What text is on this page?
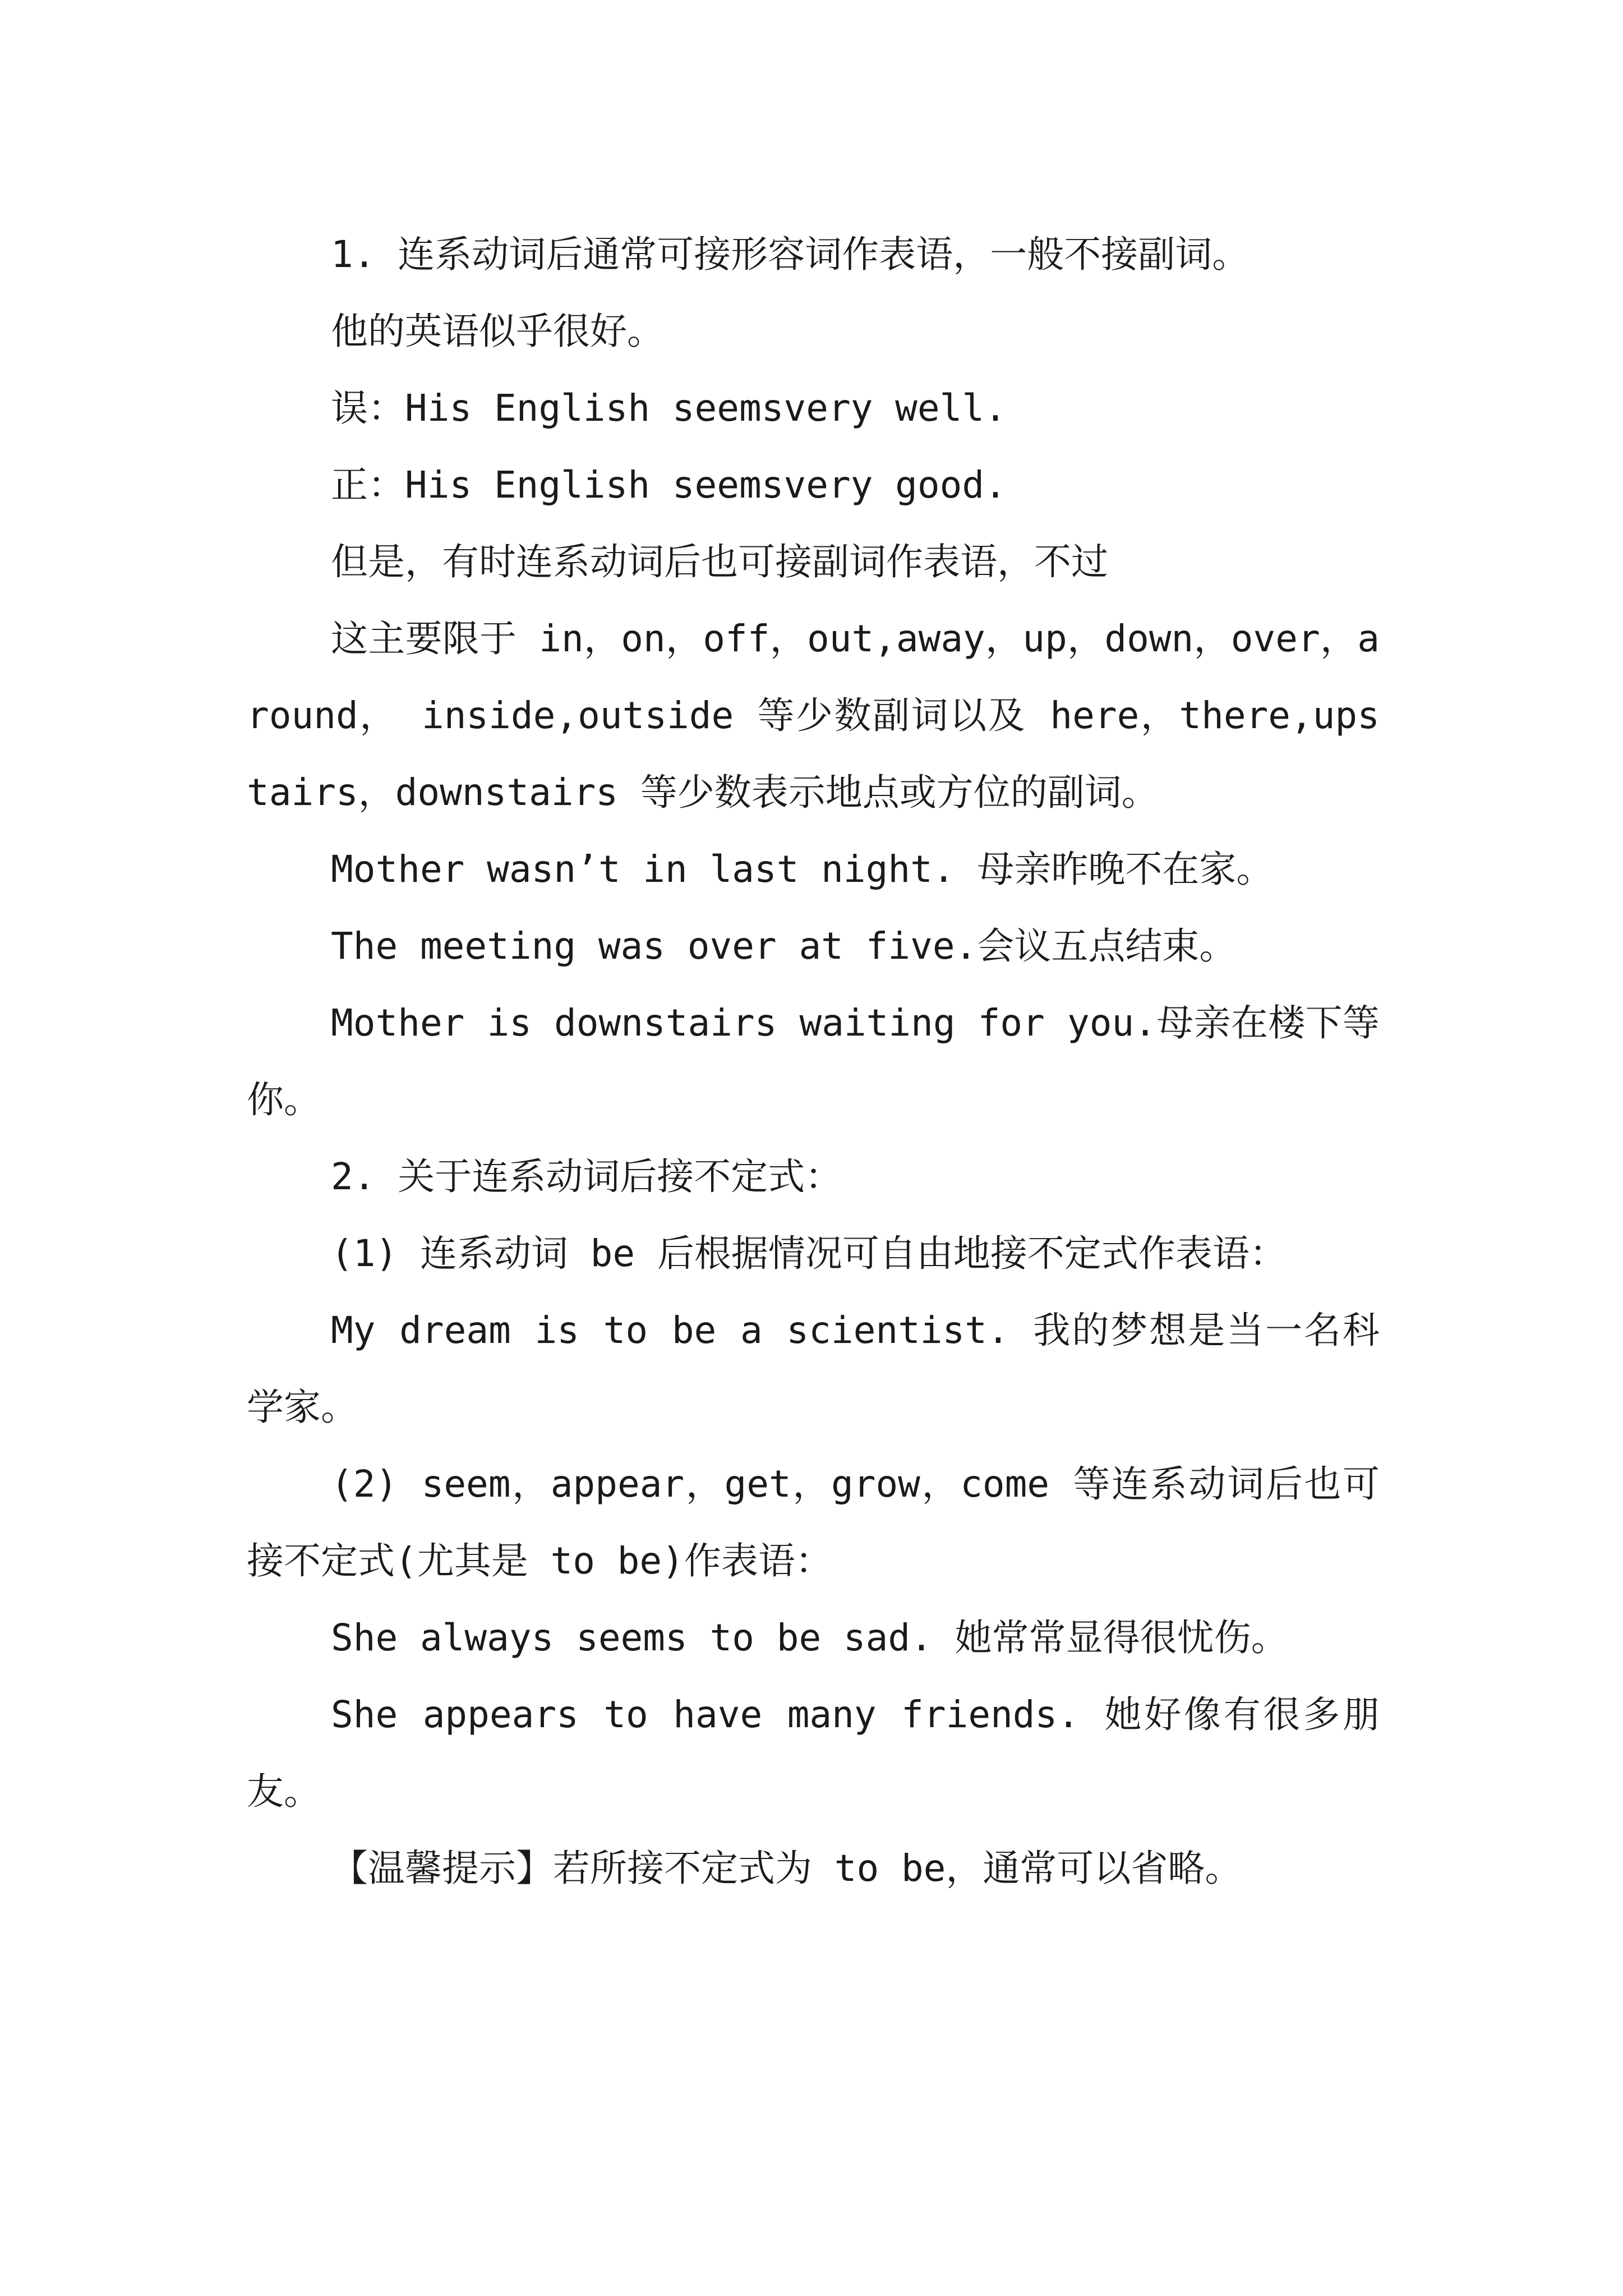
1. 连系动词后通常可接形容词作表语，一般不接副词。

他的英语似乎很好。

误：His English seemsvery well.

正：His English seemsvery good.

但是，有时连系动词后也可接副词作表语，不过

这主要限于 in，on，off，out,away，up，down，over，around， inside,outside 等少数副词以及 here，there,upstairs，downstairs 等少数表示地点或方位的副词。

Mother wasn’t in last night. 母亲昨晚不在家。

The meeting was over at five.会议五点结束。

Mother is downstairs waiting for you.母亲在楼下等你。

2. 关于连系动词后接不定式：

(1) 连系动词 be 后根据情况可自由地接不定式作表语：

My dream is to be a scientist. 我的梦想是当一名科学家。

(2) seem，appear，get，grow，come 等连系动词后也可接不定式(尤其是 to be)作表语：

She always seems to be sad. 她常常显得很忧伤。

She appears to have many friends. 她好像有很多朋友。

【温馨提示】若所接不定式为 to be，通常可以省略。
